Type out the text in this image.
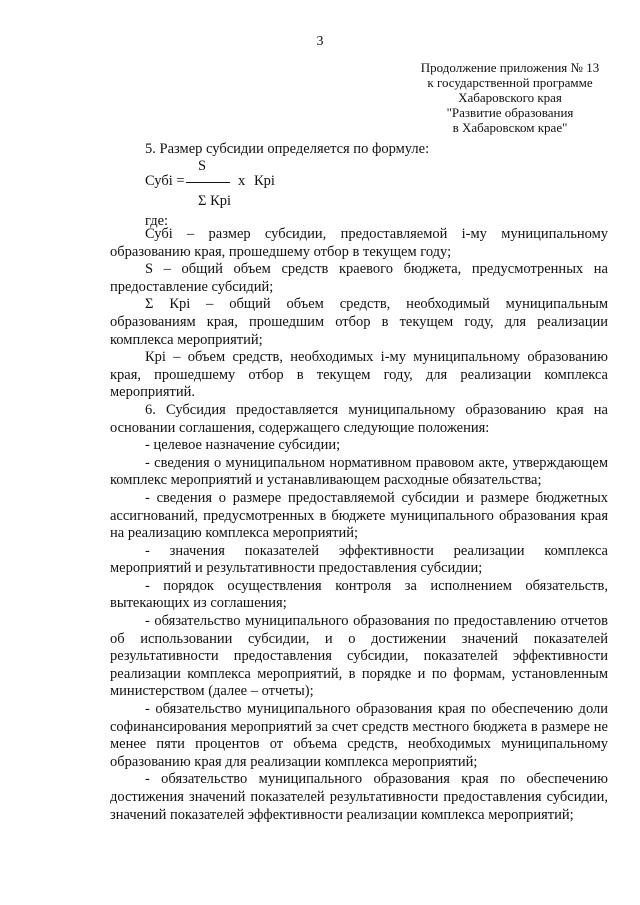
3
Продолжение приложения № 13
к государственной программе
Хабаровского края
"Развитие образования
в Хабаровском крае"
5. Размер субсидии определяется по формуле:
S
Субi =	x Крi
Σ Крi
где:

Субi – размер субсидии, предоставляемой i-му муниципальному образованию края, прошедшему отбор в текущем году;

S – общий объем средств краевого бюджета, предусмотренных на предоставление субсидий;

Σ Крi – общий объем средств, необходимый муниципальным образованиям края, прошедшим отбор в текущем году, для реализации комплекса мероприятий;

Крi – объем средств, необходимых i-му муниципальному образованию края, прошедшему отбор в текущем году, для реализации комплекса мероприятий.

6. Субсидия предоставляется муниципальному образованию края на основании соглашения, содержащего следующие положения:

- целевое назначение субсидии;

- сведения о муниципальном нормативном правовом акте, утверждающем комплекс мероприятий и устанавливающем расходные обязательства;

- сведения о размере предоставляемой субсидии и размере бюджетных ассигнований, предусмотренных в бюджете муниципального образования края на реализацию комплекса мероприятий;

- значения показателей эффективности реализации комплекса мероприятий и результативности предоставления субсидии;

- порядок осуществления контроля за исполнением обязательств, вытекающих из соглашения;

- обязательство муниципального образования по предоставлению отчетов об использовании субсидии, и о достижении значений показателей результативности предоставления субсидии, показателей эффективности реализации комплекса мероприятий, в порядке и по формам, установленным министерством (далее – отчеты);

- обязательство муниципального образования края по обеспечению доли софинансирования мероприятий за счет средств местного бюджета в размере не менее пяти процентов от объема средств, необходимых муниципальному образованию края для реализации комплекса мероприятий;

- обязательство муниципального образования края по обеспечению достижения значений показателей результативности предоставления субсидии, значений показателей эффективности реализации комплекса мероприятий;
